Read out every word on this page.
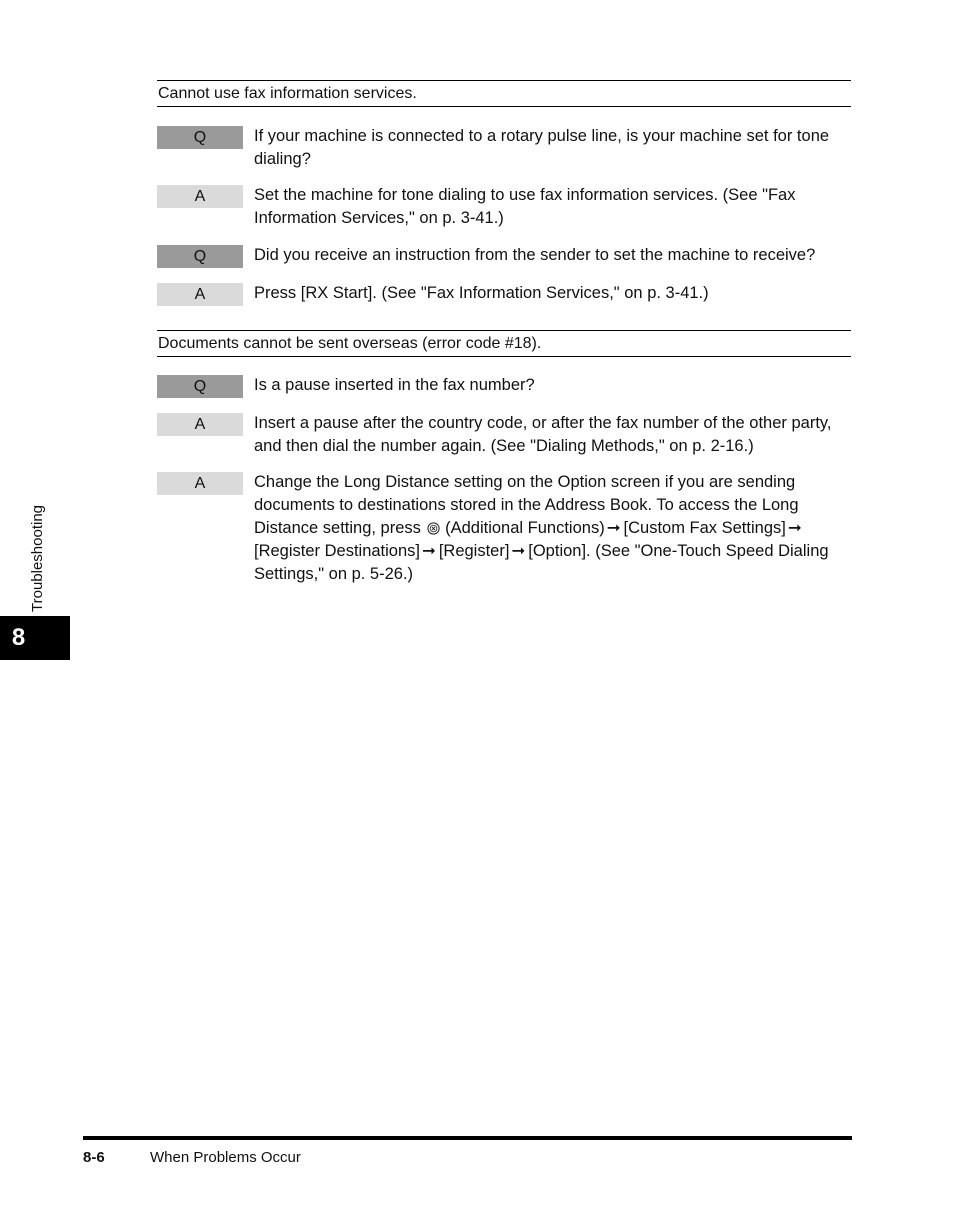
Cannot use fax information services.
Q	If your machine is connected to a rotary pulse line, is your machine set for tone dialing?
A	Set the machine for tone dialing to use fax information services. (See "Fax Information Services," on p. 3-41.)
Q	Did you receive an instruction from the sender to set the machine to receive?
A	Press [RX Start]. (See "Fax Information Services," on p. 3-41.)
Documents cannot be sent overseas (error code #18).
Q	Is a pause inserted in the fax number?
A	Insert a pause after the country code, or after the fax number of the other party, and then dial the number again. (See "Dialing Methods," on p. 2-16.)
A	Change the Long Distance setting on the Option screen if you are sending documents to destinations stored in the Address Book. To access the Long Distance setting, press (Additional Functions) ➞ [Custom Fax Settings] ➞ [Register Destinations] ➞ [Register] ➞ [Option]. (See "One-Touch Speed Dialing Settings," on p. 5-26.)
Troubleshooting
8
8-6	When Problems Occur
